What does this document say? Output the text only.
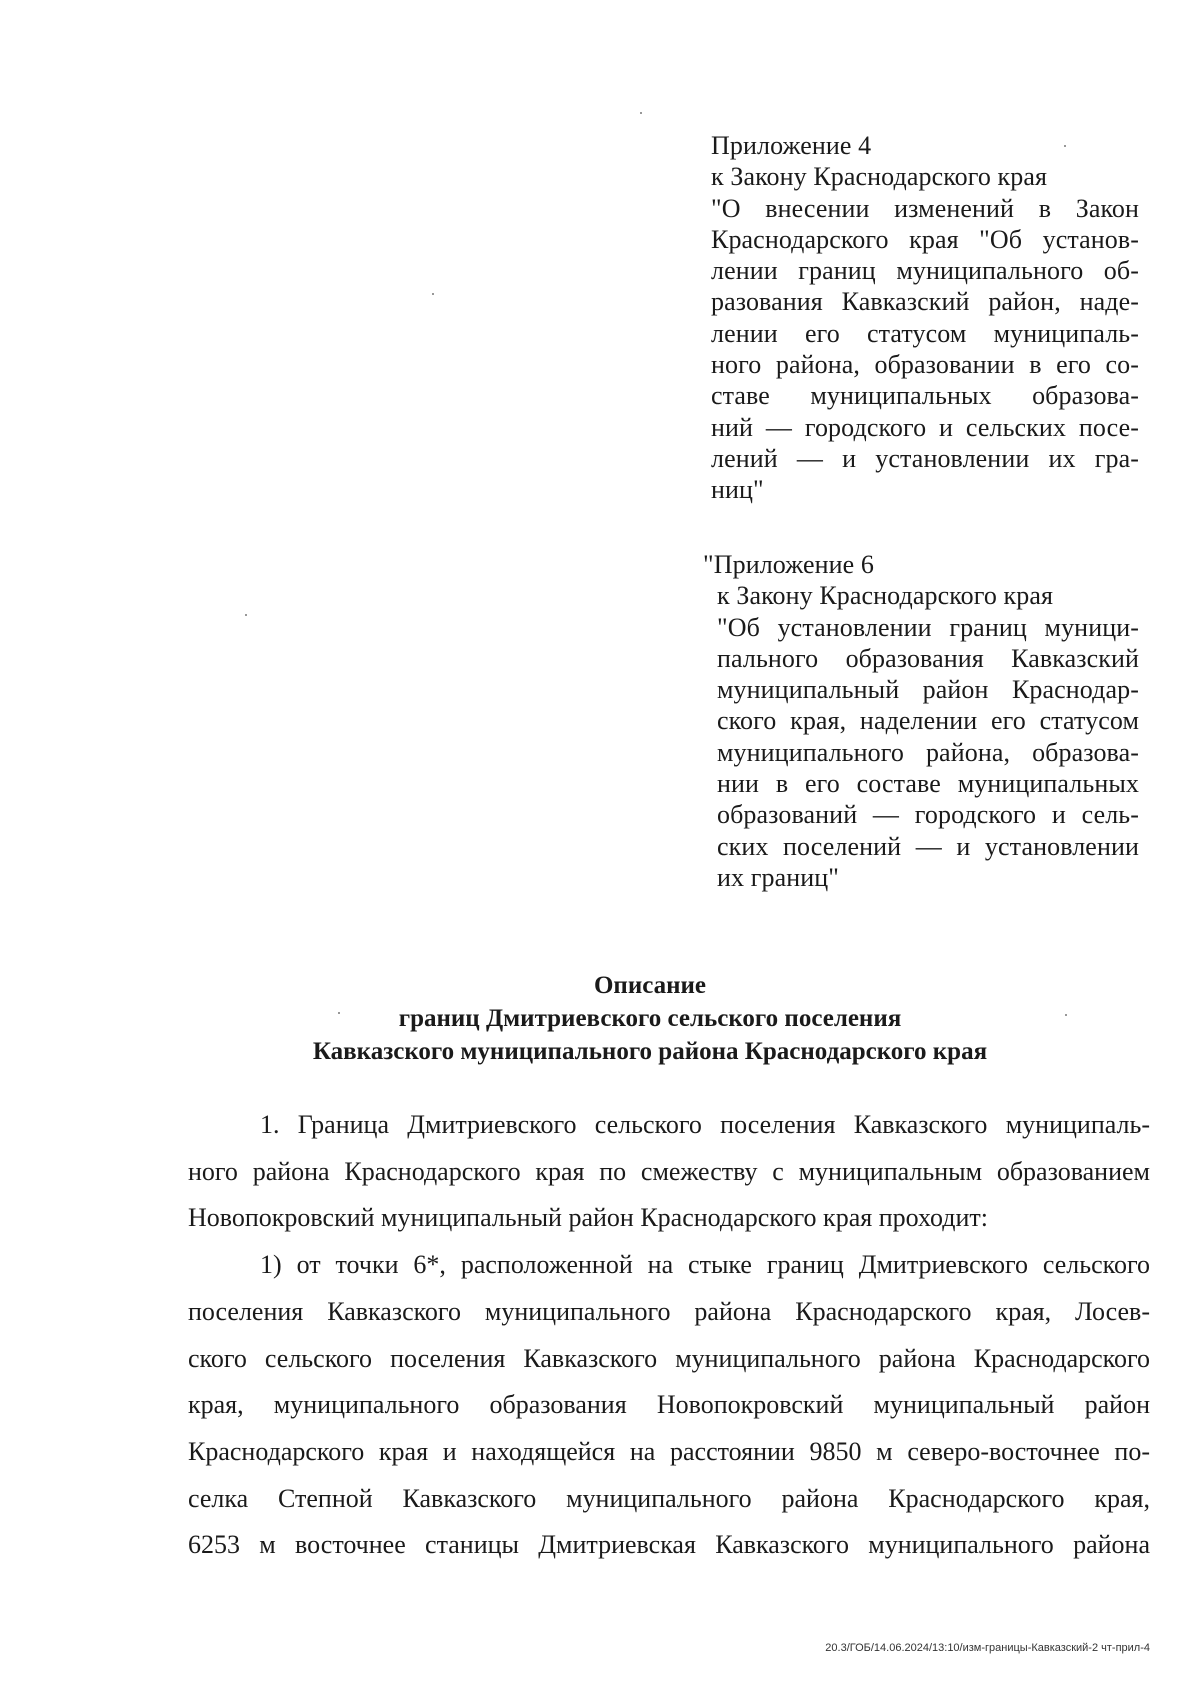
Приложение 4
к Закону Краснодарского края
"О внесении изменений в Закон
Краснодарского края "Об установ-
лении границ муниципального об-
разования Кавказский район, наде-
лении его статусом муниципаль-
ного района, образовании в его со-
ставе муниципальных образова-
ний — городского и сельских посе-
лений — и установлении их гра-
ниц"
"Приложение 6
к Закону Краснодарского края
"Об установлении границ муници-
пального образования Кавказский
муниципальный район Краснодар-
ского края, наделении его статусом
муниципального района, образова-
нии в его составе муниципальных
образований — городского и сель-
ских поселений — и установлении
их границ"
Описание
границ Дмитриевского сельского поселения
Кавказского муниципального района Краснодарского края
1. Граница Дмитриевского сельского поселения Кавказского муниципаль-
ного района Краснодарского края по смежеству с муниципальным образованием
Новопокровский муниципальный район Краснодарского края проходит:
1) от точки 6*, расположенной на стыке границ Дмитриевского сельского
поселения Кавказского муниципального района Краснодарского края, Лосев-
ского сельского поселения Кавказского муниципального района Краснодарского
края, муниципального образования Новопокровский муниципальный район
Краснодарского края и находящейся на расстоянии 9850 м северо-восточнее по-
селка Степной Кавказского муниципального района Краснодарского края,
6253 м восточнее станицы Дмитриевская Кавказского муниципального района
20.3/ГОБ/14.06.2024/13:10/изм-границы-Кавказский-2 чт-прил-4
